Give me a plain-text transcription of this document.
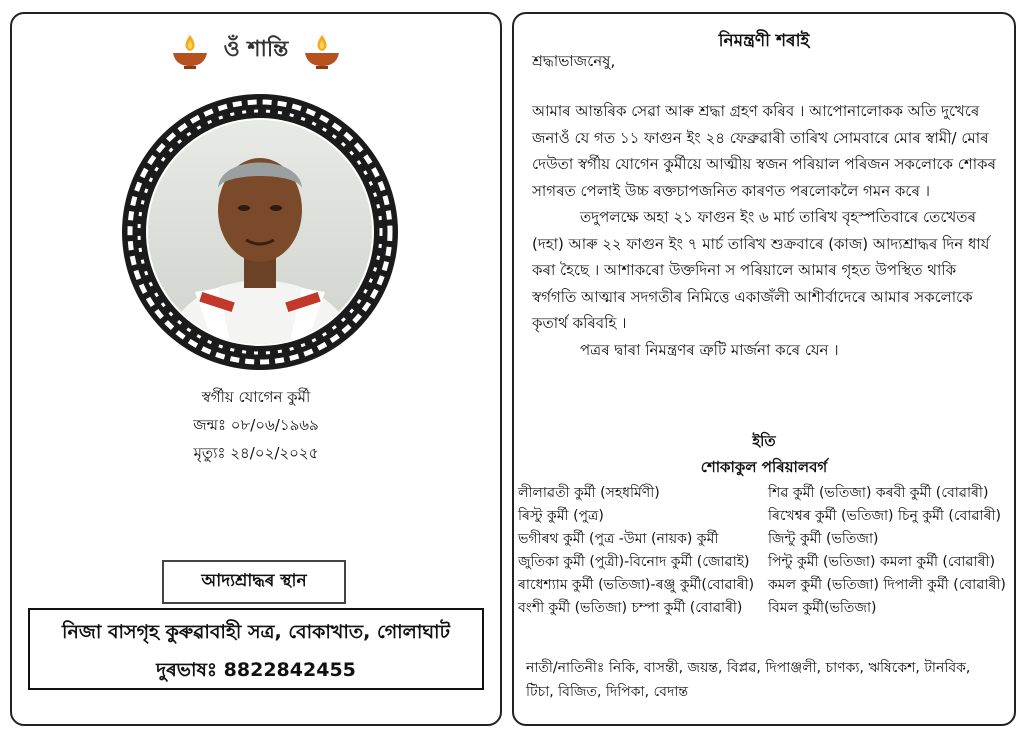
ওঁ শান্তি
স্বৰ্গীয় যোগেন কুৰ্মী
জন্মঃ ০৮/০৬/১৯৬৯
মৃত্যুঃ ২৪/০২/২০২৫
আদ্যশ্ৰাদ্ধৰ স্থান
নিজা বাসগৃহ কুৰুৱাবাহী সত্ৰ, বোকাখাত, গোলাঘাট
দুৰভাষঃ 8822842455
নিমন্ত্ৰণী শৰাই
শ্ৰদ্ধাভাজনেষু,

আমাৰ আন্তৰিক সেৱা আৰু শ্ৰদ্ধা গ্ৰহণ কৰিব । আপোনালোকক অতি দুখেৰে জনাওঁ যে গত ১১ ফাগুন ইং ২৪ ফেব্ৰুৱাৰী তাৰিখ সোমবাৰে মোৰ স্বামী/ মোৰ দেউতা স্বৰ্গীয় যোগেন কুৰ্মীয়ে আত্মীয় স্বজন পৰিয়াল পৰিজন সকলোকে শোকৰ সাগৰত পেলাই উচ্চ ৰক্তচাপজনিত কাৰণত পৰলোকলৈ গমন কৰে ।

তদুপলক্ষে অহা ২১ ফাগুন ইং ৬ মাৰ্চ তাৰিখ বৃহস্পতিবাৰে তেখেতৰ (দহা) আৰু ২২ ফাগুন ইং ৭ মাৰ্চ তাৰিখ শুক্ৰবাৰে (কাজ) আদ্যশ্ৰাদ্ধৰ দিন ধাৰ্য কৰা হৈছে । আশাকৰো উক্তদিনা স পৰিয়ালে আমাৰ গৃহত উপস্থিত থাকি স্বৰ্গগতি আত্মাৰ সদগতীৰ নিমিত্তে একাজঁলী আশীৰ্বাদেৰে আমাৰ সকলোকে কৃতাৰ্থ কৰিবহি ।

পত্ৰৰ দ্বাৰা নিমন্ত্ৰণৰ ত্ৰুটি মাৰ্জনা কৰে যেন ।

ইতি
শোকাকুল পৰিয়ালবৰ্গ
লীলাৱতী কুৰ্মী (সহধৰ্মিণী)
ৰিস্টু কুৰ্মী (পুত্ৰ)
ভগীৰথ কুৰ্মী (পুত্ৰ -উমা (নায়ক) কুৰ্মী
জুতিকা কুৰ্মী (পুত্ৰী)-বিনোদ কুৰ্মী (জোৱাই)
ৰাধেশ্যাম কুৰ্মী (ভতিজা)-ৰঞ্জু কুৰ্মী(বোৱাৰী)
বংশী কুৰ্মী (ভতিজা) চম্পা কুৰ্মী (বোৱাৰী)
শিৱ কুৰ্মী (ভতিজা) কৰবী কুৰ্মী (বোৱাৰী)
ৰিখেশ্বৰ কুৰ্মী (ভতিজা) চিনু কুৰ্মী (বোৱাৰী)
জিন্টু কুৰ্মী (ভতিজা)
পিন্টু কুৰ্মী (ভতিজা) কমলা কুৰ্মী (বোৱাৰী)
কমল কুৰ্মী (ভতিজা) দিপালী কুৰ্মী (বোৱাৰী)
বিমল কুৰ্মী(ভতিজা)
নাতী/নাতিনীঃ নিকি, বাসন্তী, জয়ন্ত, বিপ্লৱ, দিপাঞ্জলী, চাণক্য, ঋষিকেশ, টানবিক, টিচা, বিজিত, দিপিকা, বেদান্ত
